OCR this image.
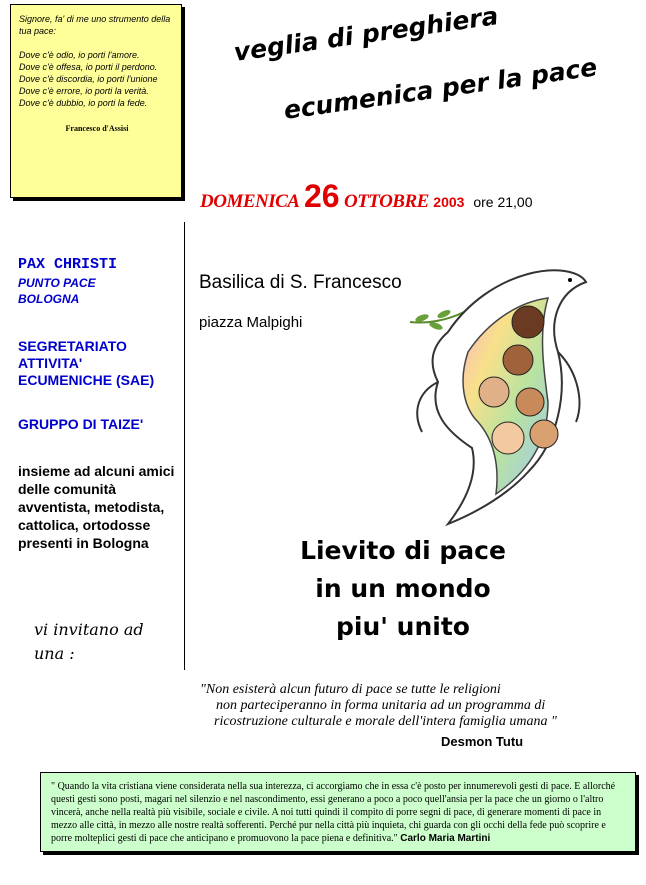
Signore, fa' di me uno strumento della tua pace:
Dove c'è odio, io porti l'amore.
Dove c'è offesa, io porti il perdono.
Dove c'è discordia, io porti l'unione
Dove c'è errore, io porti la verità.
Dove c'è dubbio, io porti la fede.
Francesco d'Assisi
veglia di preghiera
ecumenica per la pace
DOMENICA 26 OTTOBRE 2003 ore 21,00
PAX CHRISTI
PUNTO PACE BOLOGNA
SEGRETARIATO ATTIVITA' ECUMENICHE (SAE)
GRUPPO DI TAIZE'
insieme ad alcuni amici delle comunità avventista, metodista, cattolica, ortodosse presenti in Bologna
vi invitano ad una :
Basilica di S. Francesco
piazza Malpighi
Lievito di pace
in un mondo
piu' unito
"Non esisterà alcun futuro di pace se tutte le religioni
non parteciperanno in forma unitaria ad un programma di
ricostruzione culturale e morale dell'intera famiglia umana "
Desmon Tutu
" Quando la vita cristiana viene considerata nella sua interezza, ci accorgiamo che in essa c'è posto per innumerevoli gesti di pace. E allorché questi gesti sono posti, magari nel silenzio e nel nascondimento, essi generano a poco a poco quell'ansia per la pace che un giorno o l'altro vincerà, anche nella realtà più visibile, sociale e civile. A noi tutti quindi il compito di porre segni di pace, di generare momenti di pace in mezzo alle città, in mezzo alle nostre realtà sofferenti. Perché pur nella città più inquieta, chi guarda con gli occhi della fede può scoprire e porre molteplici gesti di pace che anticipano e promuovono la pace piena e definitiva." Carlo Maria Martini
